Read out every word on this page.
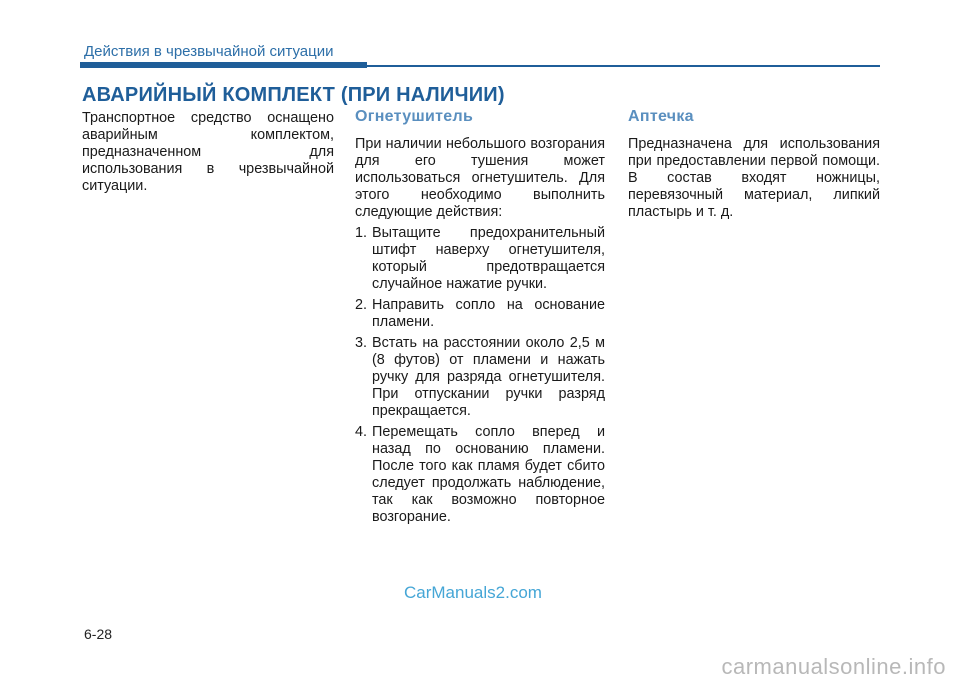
Действия в чрезвычайной ситуации
АВАРИЙНЫЙ КОМПЛЕКТ (ПРИ НАЛИЧИИ)

Транспортное средство оснащено аварийным комплектом, предназначенном для использования в чрезвычайной ситуации.

Огнетушитель

При наличии небольшого возгорания для его тушения может использоваться огнетушитель. Для этого необходимо выполнить следующие действия:

1. Вытащите предохранительный штифт наверху огнетушителя, который предотвращается случайное нажатие ручки.
2. Направить сопло на основание пламени.
3. Встать на расстоянии около 2,5 м (8 футов) от пламени и нажать ручку для разряда огнетушителя. При отпускании ручки разряд прекращается.
4. Перемещать сопло вперед и назад по основанию пламени. После того как пламя будет сбито следует продолжать наблюдение, так как возможно повторное возгорание.
Аптечка

Предназначена для использования при предоставлении первой помощи. В состав входят ножницы, перевязочный материал, липкий пластырь и т. д.

CarManuals2.com
6-28
carmanualsonline.info
